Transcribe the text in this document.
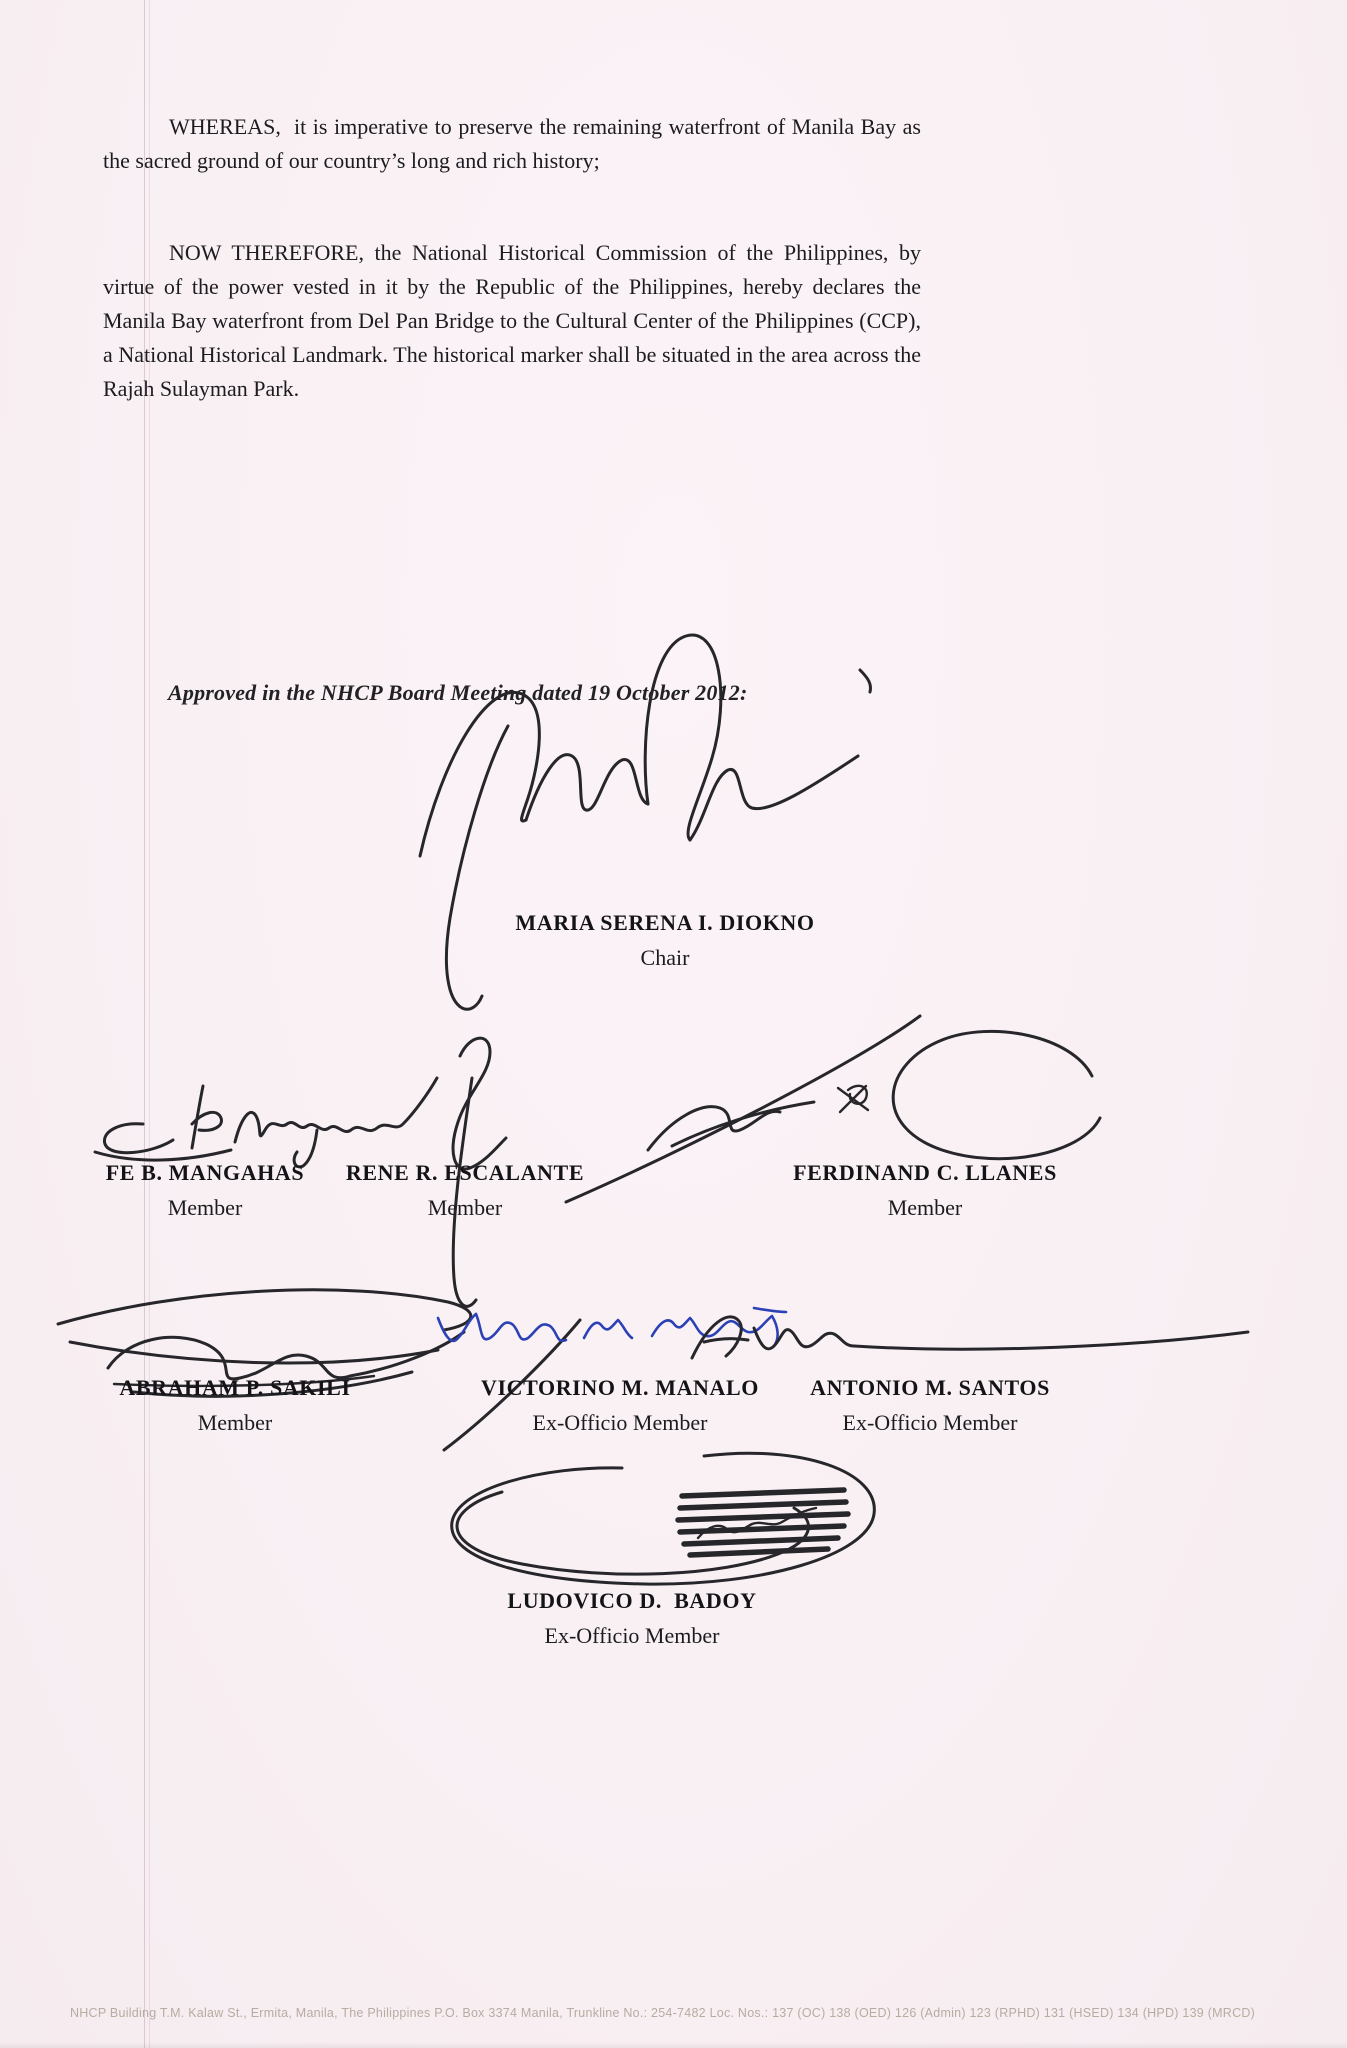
WHEREAS,  it is imperative to preserve the remaining waterfront of Manila Bay as the sacred ground of our country’s long and rich history;

NOW THEREFORE, the National Historical Commission of the Philippines, by virtue of the power vested in it by the Republic of the Philippines, hereby declares the Manila Bay waterfront from Del Pan Bridge to the Cultural Center of the Philippines (CCP), a National Historical Landmark. The historical marker shall be situated in the area across the Rajah Sulayman Park.

Approved in the NHCP Board Meeting dated 19 October 2012:
MARIA SERENA I. DIOKNO
Chair
FE B. MANGAHAS
Member
RENE R. ESCALANTE
Member
FERDINAND C. LLANES
Member
ABRAHAM P. SAKILI
Member
VICTORINO M. MANALO
Ex-Officio Member
ANTONIO M. SANTOS
Ex-Officio Member
LUDOVICO D.  BADOY
Ex-Officio Member
NHCP Building T.M. Kalaw St., Ermita, Manila, The Philippines P.O. Box 3374 Manila, Trunkline No.: 254-7482 Loc. Nos.: 137 (OC) 138 (OED) 126 (Admin) 123 (RPHD) 131 (HSED) 134 (HPD) 139 (MRCD)
